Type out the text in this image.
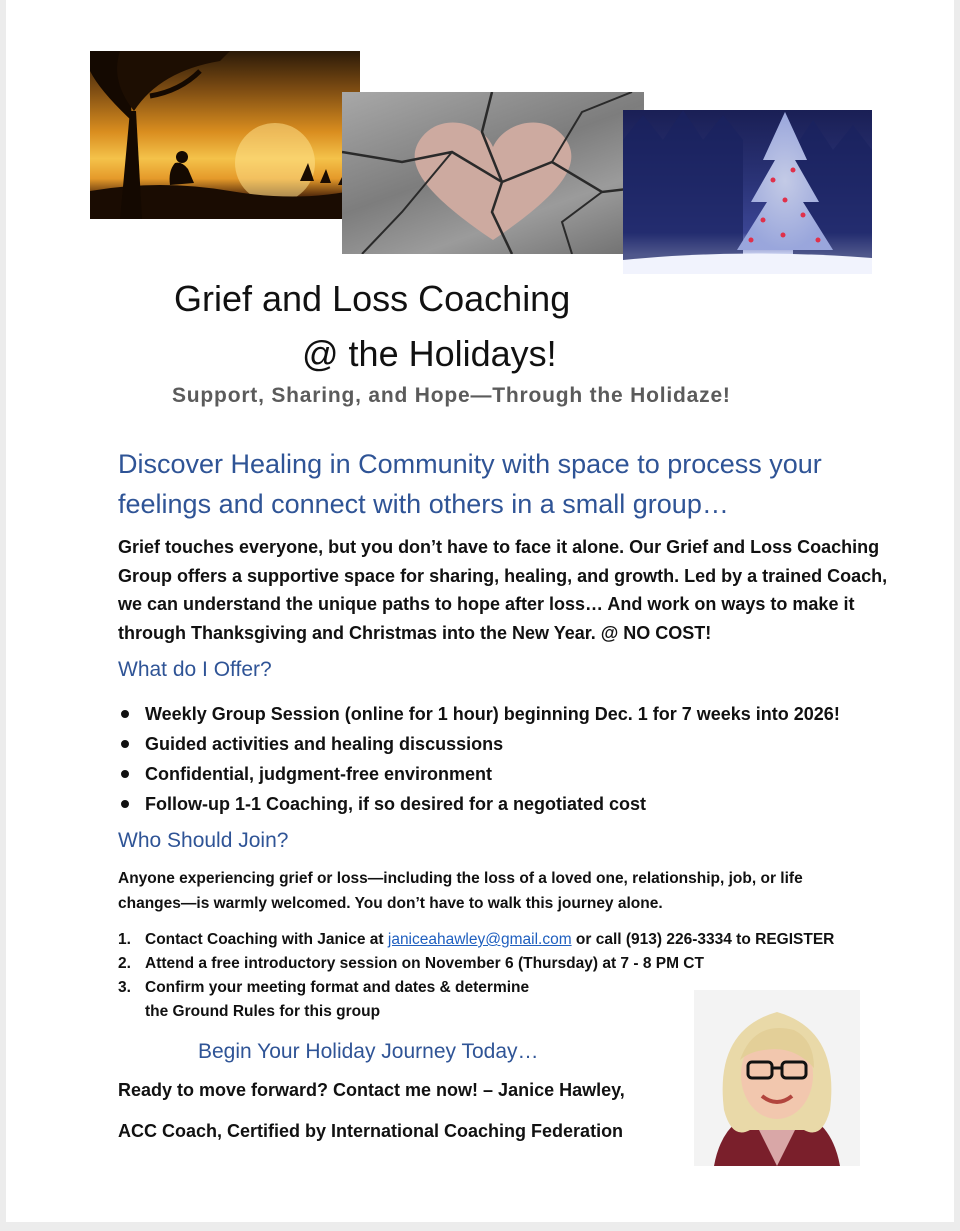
Grief and Loss Coaching
@ the Holidays!
Support, Sharing, and Hope—Through the Holidaze!
Discover Healing in Community with space to process your feelings and connect with others in a small group…
Grief touches everyone, but you don’t have to face it alone. Our Grief and Loss Coaching Group offers a supportive space for sharing, healing, and growth. Led by a trained Coach, we can understand the unique paths to hope after loss… And work on ways to make it through Thanksgiving and Christmas into the New Year. @ NO COST!
What do I Offer?
Weekly Group Session (online for 1 hour) beginning Dec. 1 for 7 weeks into 2026!
Guided activities and healing discussions
Confidential, judgment-free environment
Follow-up 1-1 Coaching, if so desired for a negotiated cost
Who Should Join?
Anyone experiencing grief or loss—including the loss of a loved one, relationship, job, or life changes—is warmly welcomed. You don’t have to walk this journey alone.
1. Contact Coaching with Janice at janiceahawley@gmail.com or call (913) 226-3334 to REGISTER
2. Attend a free introductory session on November 6 (Thursday) at 7 - 8 PM CT
3. Confirm your meeting format and dates & determine
the Ground Rules for this group
Begin Your Holiday Journey Today…
Ready to move forward? Contact me now! – Janice Hawley,
ACC Coach, Certified by International Coaching Federation
